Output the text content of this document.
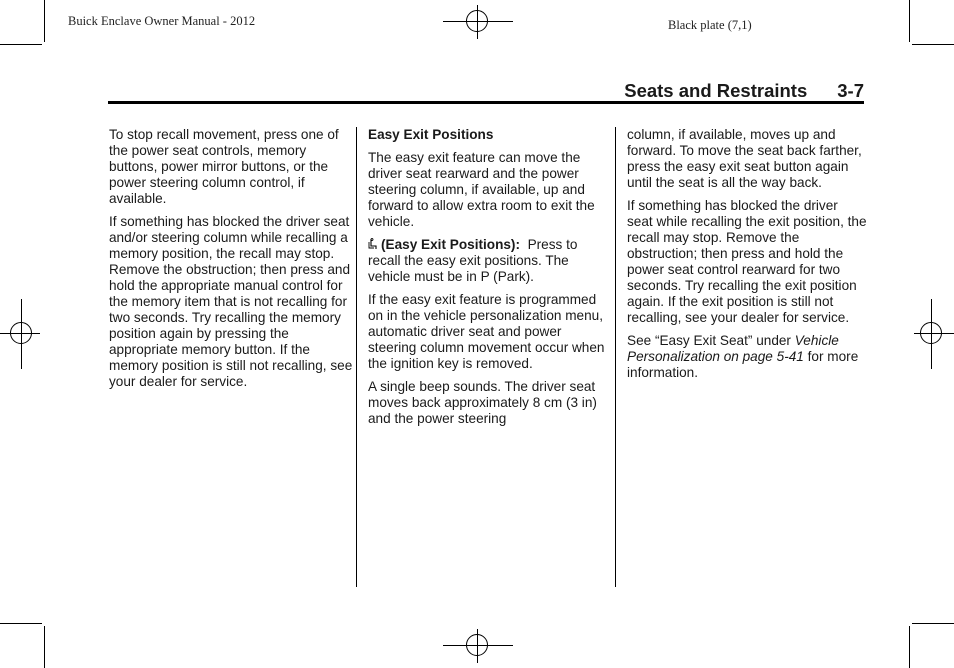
Buick Enclave Owner Manual - 2012	Black plate (7,1)
Seats and Restraints 3-7

To stop recall movement, press one of the power seat controls, memory buttons, power mirror buttons, or the power steering column control, if available.

If something has blocked the driver seat and/or steering column while recalling a memory position, the recall may stop. Remove the obstruction; then press and hold the appropriate manual control for the memory item that is not recalling for two seconds. Try recalling the memory position again by pressing the appropriate memory button. If the memory position is still not recalling, see your dealer for service.

Easy Exit Positions

The easy exit feature can move the driver seat rearward and the power steering column, if available, up and forward to allow extra room to exit the vehicle.

(Easy Exit Positions): Press to recall the easy exit positions. The vehicle must be in P (Park).

If the easy exit feature is programmed on in the vehicle personalization menu, automatic driver seat and power steering column movement occur when the ignition key is removed.

A single beep sounds. The driver seat moves back approximately 8 cm (3 in) and the power steering

column, if available, moves up and forward. To move the seat back farther, press the easy exit seat button again until the seat is all the way back.

If something has blocked the driver seat while recalling the exit position, the recall may stop. Remove the obstruction; then press and hold the power seat control rearward for two seconds. Try recalling the exit position again. If the exit position is still not recalling, see your dealer for service.

See “Easy Exit Seat” under Vehicle Personalization on page 5-41 for more information.
